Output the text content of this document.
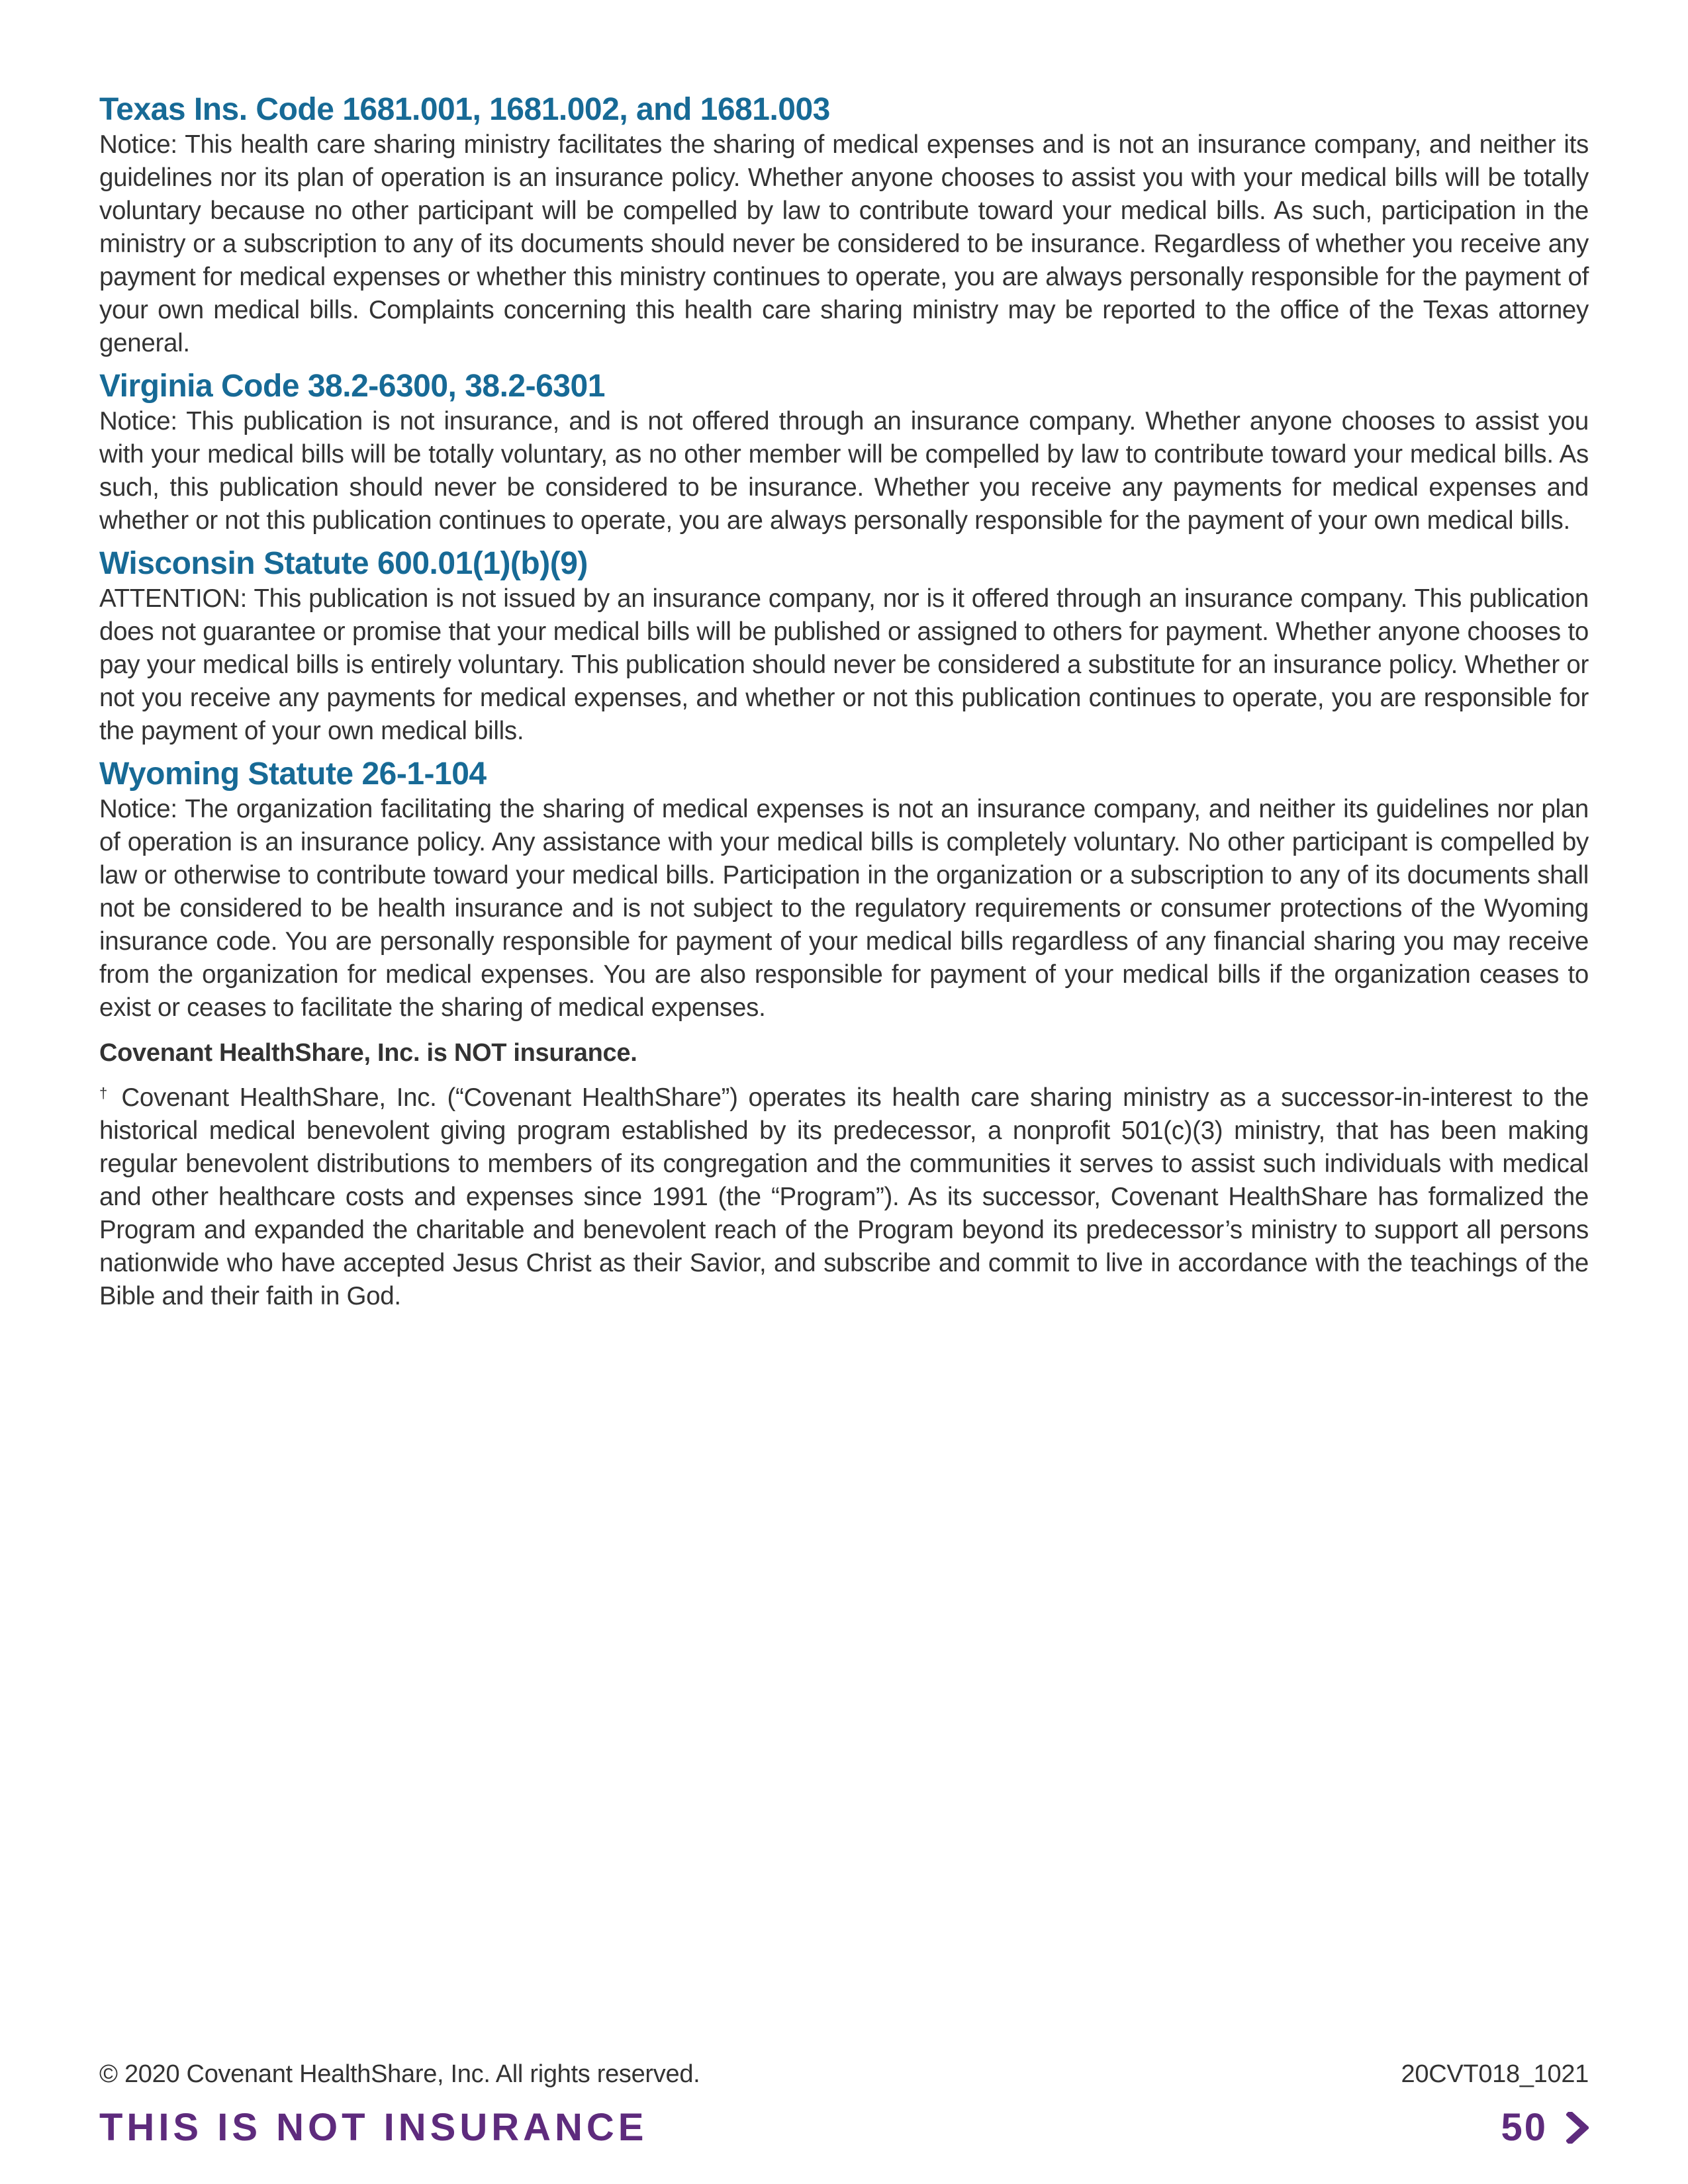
Texas Ins. Code 1681.001, 1681.002, and 1681.003

Notice: This health care sharing ministry facilitates the sharing of medical expenses and is not an insurance company, and neither its guidelines nor its plan of operation is an insurance policy. Whether anyone chooses to assist you with your medical bills will be totally voluntary because no other participant will be compelled by law to contribute toward your medical bills. As such, participation in the ministry or a subscription to any of its documents should never be considered to be insurance. Regardless of whether you receive any payment for medical expenses or whether this ministry continues to operate, you are always personally responsible for the payment of your own medical bills. Complaints concerning this health care sharing ministry may be reported to the office of the Texas attorney general.

Virginia Code 38.2-6300, 38.2-6301

Notice: This publication is not insurance, and is not offered through an insurance company. Whether anyone chooses to assist you with your medical bills will be totally voluntary, as no other member will be compelled by law to contribute toward your medical bills. As such, this publication should never be considered to be insurance. Whether you receive any payments for medical expenses and whether or not this publication continues to operate, you are always personally responsible for the payment of your own medical bills.

Wisconsin Statute 600.01(1)(b)(9)

ATTENTION: This publication is not issued by an insurance company, nor is it offered through an insurance company. This publication does not guarantee or promise that your medical bills will be published or assigned to others for payment. Whether anyone chooses to pay your medical bills is entirely voluntary. This publication should never be considered a substitute for an insurance policy. Whether or not you receive any payments for medical expenses, and whether or not this publication continues to operate, you are responsible for the payment of your own medical bills.

Wyoming Statute 26-1-104

Notice: The organization facilitating the sharing of medical expenses is not an insurance company, and neither its guidelines nor plan of operation is an insurance policy. Any assistance with your medical bills is completely voluntary. No other participant is compelled by law or otherwise to contribute toward your medical bills. Participation in the organization or a subscription to any of its documents shall not be considered to be health insurance and is not subject to the regulatory requirements or consumer protections of the Wyoming insurance code. You are personally responsible for payment of your medical bills regardless of any financial sharing you may receive from the organization for medical expenses. You are also responsible for payment of your medical bills if the organization ceases to exist or ceases to facilitate the sharing of medical expenses.

Covenant HealthShare, Inc. is NOT insurance.

† Covenant HealthShare, Inc. (“Covenant HealthShare”) operates its health care sharing ministry as a successor-in-interest to the historical medical benevolent giving program established by its predecessor, a nonprofit 501(c)(3) ministry, that has been making regular benevolent distributions to members of its congregation and the communities it serves to assist such individuals with medical and other healthcare costs and expenses since 1991 (the “Program”). As its successor, Covenant HealthShare has formalized the Program and expanded the charitable and benevolent reach of the Program beyond its predecessor’s ministry to support all persons nationwide who have accepted Jesus Christ as their Savior, and subscribe and commit to live in accordance with the teachings of the Bible and their faith in God.

© 2020 Covenant HealthShare, Inc. All rights reserved.	20CVT018_1021
THIS IS NOT INSURANCE	50
